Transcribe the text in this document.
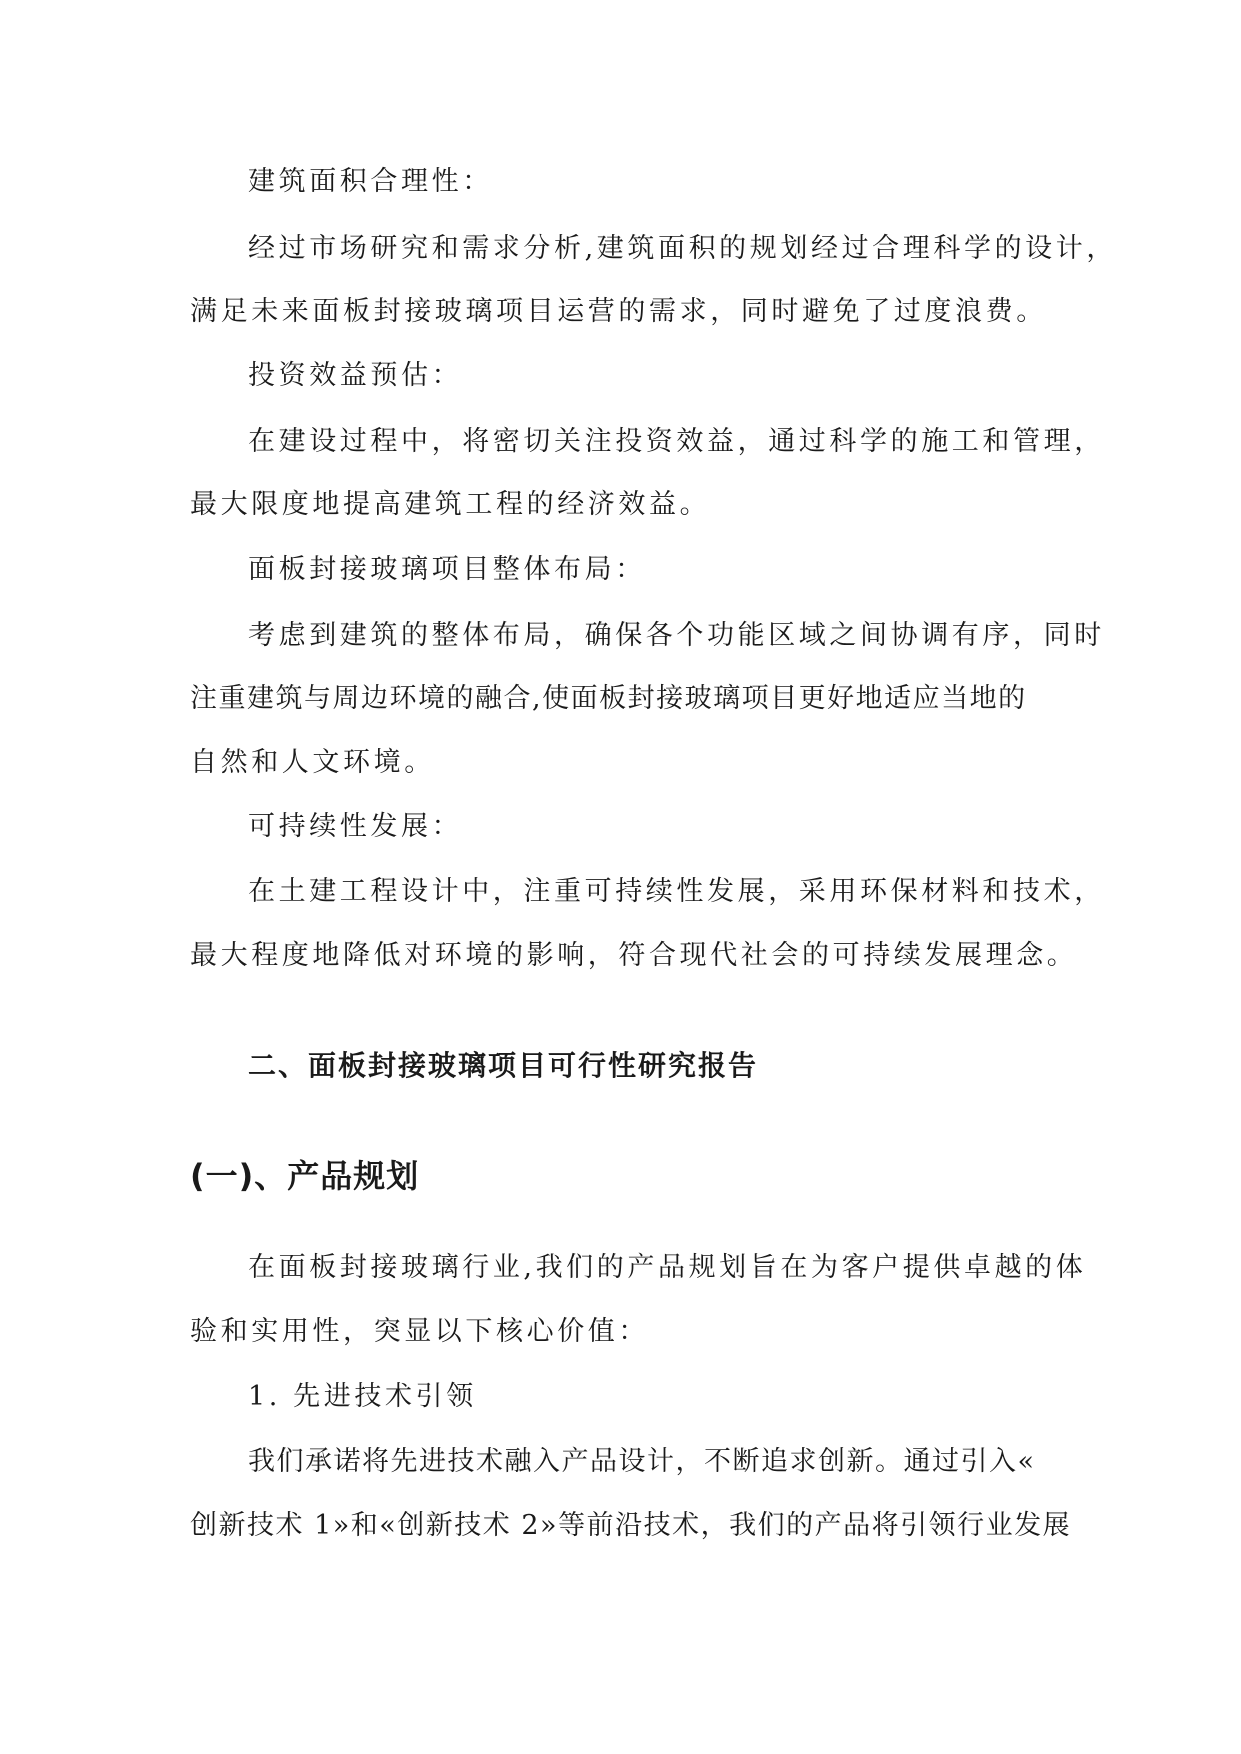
建筑面积合理性：
经过市场研究和需求分析,建筑面积的规划经过合理科学的设计，
满足未来面板封接玻璃项目运营的需求，同时避免了过度浪费。
投资效益预估：
在建设过程中，将密切关注投资效益，通过科学的施工和管理，
最大限度地提高建筑工程的经济效益。
面板封接玻璃项目整体布局：
考虑到建筑的整体布局，确保各个功能区域之间协调有序，同时
注重建筑与周边环境的融合,使面板封接玻璃项目更好地适应当地的
自然和人文环境。
可持续性发展：
在土建工程设计中，注重可持续性发展，采用环保材料和技术，
最大程度地降低对环境的影响，符合现代社会的可持续发展理念。
二、面板封接玻璃项目可行性研究报告
(一)、产品规划
在面板封接玻璃行业,我们的产品规划旨在为客户提供卓越的体
验和实用性，突显以下核心价值：
1. 先进技术引领
我们承诺将先进技术融入产品设计，不断追求创新。通过引入«
创新技术 1»和«创新技术 2»等前沿技术，我们的产品将引领行业发展
